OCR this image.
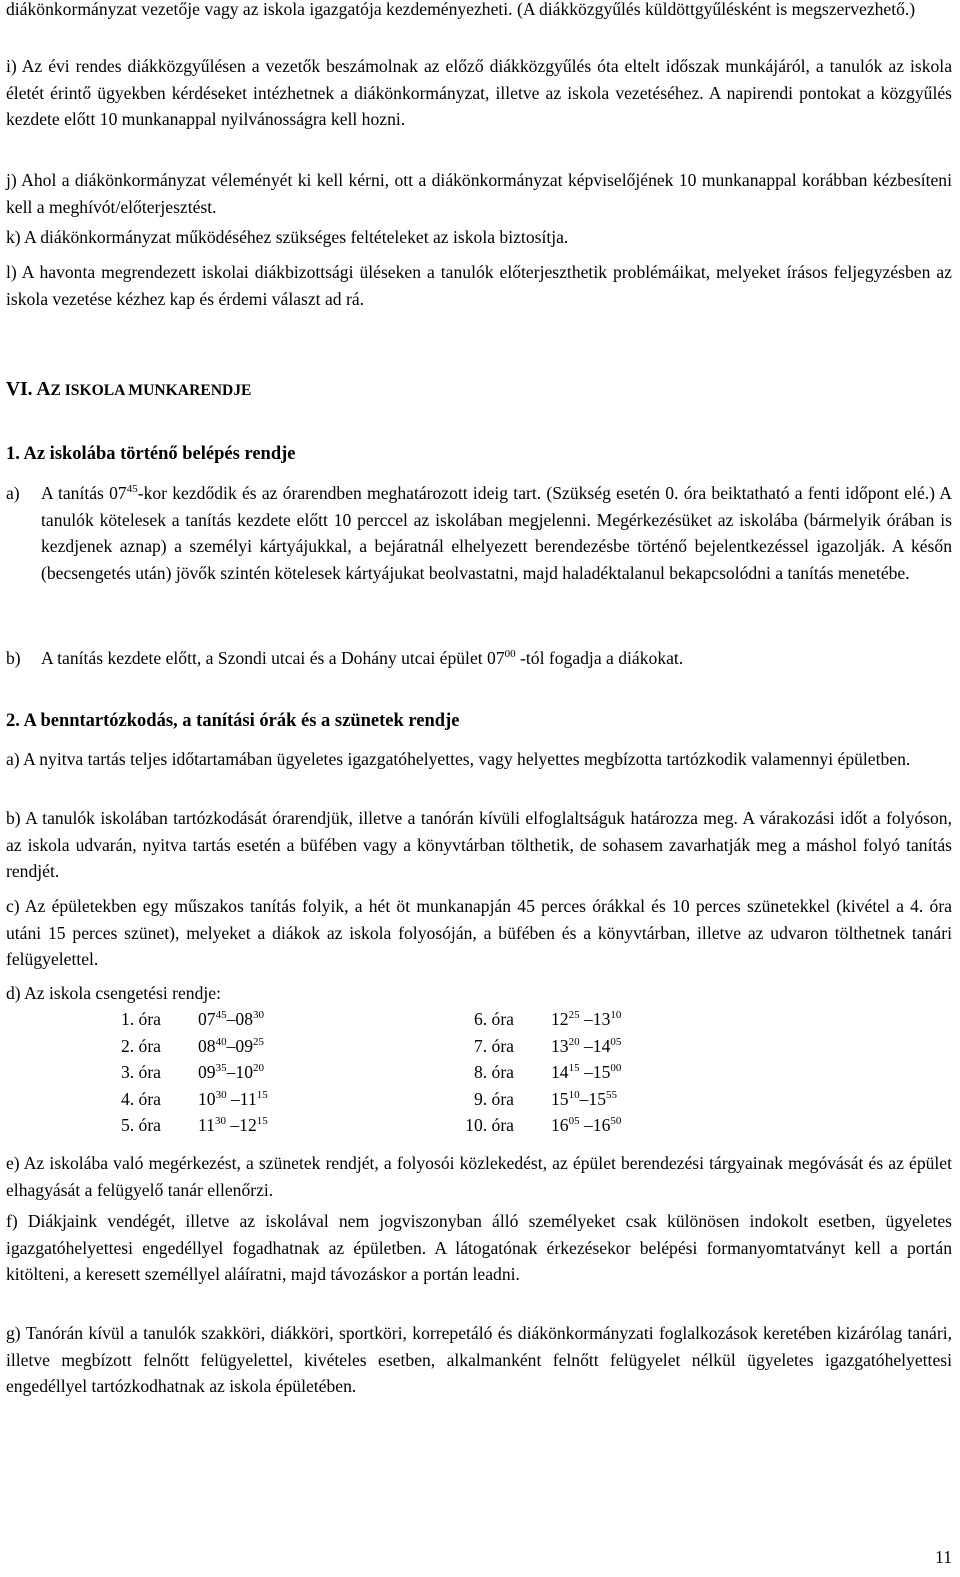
diákönkormányzat vezetője vagy az iskola igazgatója kezdeményezheti. (A diákközgyűlés küldöttgyűlésként is megszervezhető.)

i) Az évi rendes diákközgyűlésen a vezetők beszámolnak az előző diákközgyűlés óta eltelt időszak munkájáról, a tanulók az iskola életét érintő ügyekben kérdéseket intézhetnek a diákönkormányzat, illetve az iskola vezetéséhez. A napirendi pontokat a közgyűlés kezdete előtt 10 munkanappal nyilvánosságra kell hozni.

j) Ahol a diákönkormányzat véleményét ki kell kérni, ott a diákönkormányzat képviselőjének 10 munkanappal korábban kézbesíteni kell a meghívót/előterjesztést.

k) A diákönkormányzat működéséhez szükséges feltételeket az iskola biztosítja.

l) A havonta megrendezett iskolai diákbizottsági üléseken a tanulók előterjeszthetik problémáikat, melyeket írásos feljegyzésben az iskola vezetése kézhez kap és érdemi választ ad rá.

VI. AZ ISKOLA MUNKARENDJE
1. Az iskolába történő belépés rendje
a) A tanítás $07^{45}$-kor kezdődik és az órarendben meghatározott ideig tart. (Szükség esetén 0. óra beiktatható a fenti időpont elé.) A tanulók kötelesek a tanítás kezdete előtt 10 perccel az iskolában megjelenni. Megérkezésüket az iskolába (bármelyik órában is kezdjenek aznap) a személyi kártyájukkal, a bejáratnál elhelyezett berendezésbe történő bejelentkezéssel igazolják. A későn (becsengetés után) jövők szintén kötelesek kártyájukat beolvastatni, majd haladéktalanul bekapcsolódni a tanítás menetébe.

b) A tanítás kezdete előtt, a Szondi utcai és a Dohány utcai épület $07^{00}$ -tól fogadja a diákokat.

2. A benntartózkodás, a tanítási órák és a szünetek rendje

a) A nyitva tartás teljes időtartamában ügyeletes igazgatóhelyettes, vagy helyettes megbízotta tartózkodik valamennyi épületben.

b) A tanulók iskolában tartózkodását órarendjük, illetve a tanórán kívüli elfoglaltságuk határozza meg. A várakozási időt a folyóson, az iskola udvarán, nyitva tartás esetén a büfében vagy a könyvtárban tölthetik, de sohasem zavarhatják meg a máshol folyó tanítás rendjét.

c) Az épületekben egy műszakos tanítás folyik, a hét öt munkanapján 45 perces órákkal és 10 perces szünetekkel (kivétel a 4. óra utáni 15 perces szünet), melyeket a diákok az iskola folyosóján, a büfében és a könyvtárban, illetve az udvaron tölthetnek tanári felügyelettel.

d) Az iskola csengetési rendje:

1. óra $07^{45}-08^{30}$
2. óra $08^{40}-09^{25}$
3. óra $09^{35}-10^{20}$
4. óra $10^{30}$ $-11^{15}$
5. óra $11^{30}$ $-12^{15}$
6. óra $12^{25}$ $-13^{10}$
7. óra $13^{20}$ $-14^{05}$
8. óra $14^{15}$ $-15^{00}$
9. óra $15^{10}-15^{55}$
10. óra $16^{05}$ $-16^{50}$

e) Az iskolába való megérkezést, a szünetek rendjét, a folyosói közlekedést, az épület berendezési tárgyainak megóvását és az épület elhagyását a felügyelő tanár ellenőrzi.

f) Diákjaink vendégét, illetve az iskolával nem jogviszonyban álló személyeket csak különösen indokolt esetben, ügyeletes igazgatóhelyettesi engedéllyel fogadhatnak az épületben. A látogatónak érkezésekor belépési formanyomtatványt kell a portán kitölteni, a keresett személlyel aláíratni, majd távozáskor a portán leadni.

g) Tanórán kívül a tanulók szakköri, diákköri, sportköri, korrepetáló és diákönkormányzati foglalkozások keretében kizárólag tanári, illetve megbízott felnőtt felügyelettel, kivételes esetben, alkalmanként felnőtt felügyelet nélkül ügyeletes igazgatóhelyettesi engedéllyel tartózkodhatnak az iskola épületében.

11
